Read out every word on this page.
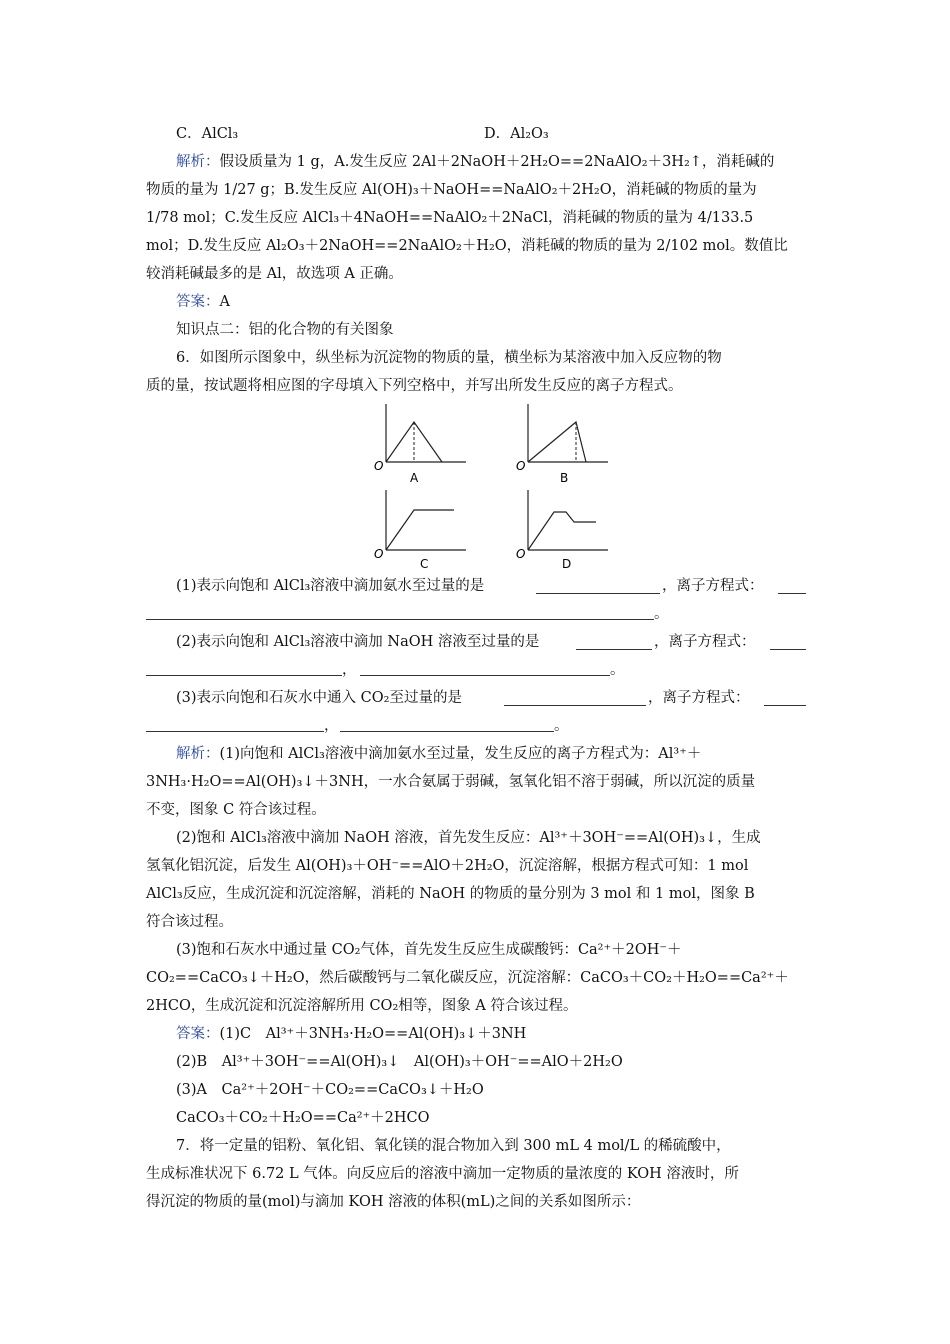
C．AlCl₃	D．Al₂O₃
解析：假设质量为 1 g，A.发生反应 2Al＋2NaOH＋2H₂O==2NaAlO₂＋3H₂↑，消耗碱的
物质的量为 1/27 g；B.发生反应 Al(OH)₃＋NaOH==NaAlO₂＋2H₂O，消耗碱的物质的量为
1/78 mol；C.发生反应 AlCl₃＋4NaOH==NaAlO₂＋2NaCl，消耗碱的物质的量为 4/133.5
mol；D.发生反应 Al₂O₃＋2NaOH==2NaAlO₂＋H₂O，消耗碱的物质的量为 2/102 mol。数值比
较消耗碱最多的是 Al，故选项 A 正确。
答案：A
知识点二：铝的化合物的有关图象
6．如图所示图象中，纵坐标为沉淀物的物质的量，横坐标为某溶液中加入反应物的物
质的量，按试题将相应图的字母填入下列空格中，并写出所发生反应的离子方程式。
O
A
O
B
O
C
O
D
(1)表示向饱和 AlCl₃溶液中滴加氨水至过量的是	，离子方程式：
。
(2)表示向饱和 AlCl₃溶液中滴加 NaOH 溶液至过量的是	，离子方程式：
，	。
(3)表示向饱和石灰水中通入 CO₂至过量的是	，离子方程式：
，	。
解析：(1)向饱和 AlCl₃溶液中滴加氨水至过量，发生反应的离子方程式为：Al³⁺＋
3NH₃·H₂O==Al(OH)₃↓＋3NH，一水合氨属于弱碱，氢氧化铝不溶于弱碱，所以沉淀的质量
不变，图象 C 符合该过程。
(2)饱和 AlCl₃溶液中滴加 NaOH 溶液，首先发生反应：Al³⁺＋3OH⁻==Al(OH)₃↓，生成
氢氧化铝沉淀，后发生 Al(OH)₃＋OH⁻==AlO＋2H₂O，沉淀溶解，根据方程式可知：1 mol
AlCl₃反应，生成沉淀和沉淀溶解，消耗的 NaOH 的物质的量分别为 3 mol 和 1 mol，图象 B
符合该过程。
(3)饱和石灰水中通过量 CO₂气体，首先发生反应生成碳酸钙：Ca²⁺＋2OH⁻＋
CO₂==CaCO₃↓＋H₂O，然后碳酸钙与二氧化碳反应，沉淀溶解：CaCO₃＋CO₂＋H₂O==Ca²⁺＋
2HCO，生成沉淀和沉淀溶解所用 CO₂相等，图象 A 符合该过程。
答案：(1)C　Al³⁺＋3NH₃·H₂O==Al(OH)₃↓＋3NH
(2)B　Al³⁺＋3OH⁻==Al(OH)₃↓　Al(OH)₃＋OH⁻==AlO＋2H₂O
(3)A　Ca²⁺＋2OH⁻＋CO₂==CaCO₃↓＋H₂O
CaCO₃＋CO₂＋H₂O==Ca²⁺＋2HCO
7．将一定量的铝粉、氧化铝、氧化镁的混合物加入到 300 mL 4 mol/L 的稀硫酸中，
生成标准状况下 6.72 L 气体。向反应后的溶液中滴加一定物质的量浓度的 KOH 溶液时，所
得沉淀的物质的量(mol)与滴加 KOH 溶液的体积(mL)之间的关系如图所示：
